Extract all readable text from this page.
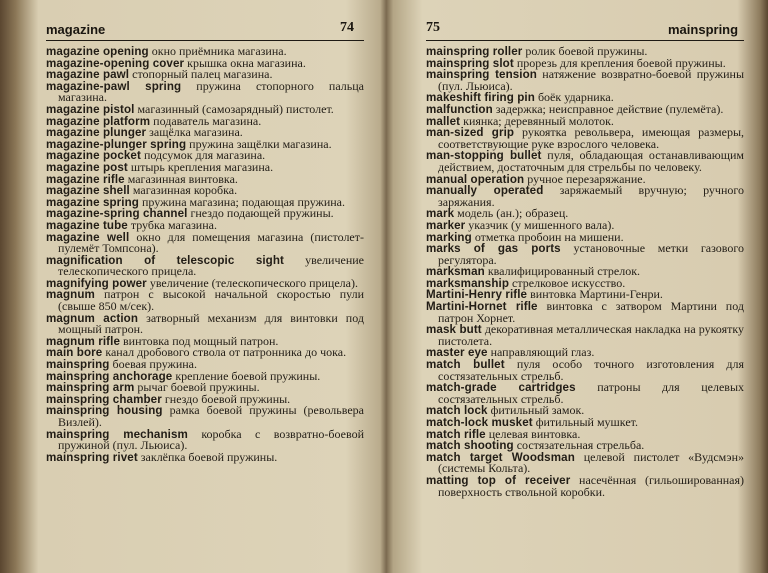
magazine	74
magazine opening окно приёмника магазина.
magazine-opening cover крышка окна магазина.
magazine pawl стопорный палец магазина.
magazine-pawl spring пружина стопорного пальца магазина.
magazine pistol магазинный (самозарядный) пистолет.
magazine platform подаватель магазина.
magazine plunger защёлка магазина.
magazine-plunger spring пружина защёлки магазина.
magazine pocket подсумок для магазина.
magazine post штырь крепления магазина.
magazine rifle магазинная винтовка.
magazine shell магазинная коробка.
magazine spring пружина магазина; подающая пружина.
magazine-spring channel гнездо подающей пружины.
magazine tube трубка магазина.
magazine well окно для помещения магазина (пистолет-пулемёт Томпсона).
magnification of telescopic sight увеличение телескопического прицела.
magnifying power увеличение (телескопического прицела).
magnum патрон с высокой начальной скоростью пули (свыше 850 м/сек).
magnum action затворный механизм для винтовки под мощный патрон.
magnum rifle винтовка под мощный патрон.
main bore канал дробового ствола от патронника до чока.
mainspring боевая пружина.
mainspring anchorage крепление боевой пружины.
mainspring arm рычаг боевой пружины.
mainspring chamber гнездо боевой пружины.
mainspring housing рамка боевой пружины (револьвера Визлей).
mainspring mechanism коробка с возвратно-боевой пружиной (пул. Льюиса).
mainspring rivet заклёпка боевой пружины.
75	mainspring
mainspring roller ролик боевой пружины.
mainspring slot прорезь для крепления боевой пружины.
mainspring tension натяжение возвратно-боевой пружины (пул. Льюиса).
makeshift firing pin боёк ударника.
malfunction задержка; неисправное действие (пулемёта).
mallet киянка; деревянный молоток.
man-sized grip рукоятка револьвера, имеющая размеры, соответствующие руке взрослого человека.
man-stopping bullet пуля, обладающая останавливающим действием, достаточным для стрельбы по человеку.
manual operation ручное перезаряжание.
manually operated заряжаемый вручную; ручного заряжания.
mark модель (ан.); образец.
marker указчик (у мишенного вала).
marking отметка пробоин на мишени.
marks of gas ports установочные метки газового регулятора.
marksman квалифицированный стрелок.
marksmanship стрелковое искусство.
Martini-Henry rifle винтовка Мартини-Генри.
Martini-Hornet rifle винтовка с затвором Мартини под патрон Хорнет.
mask butt декоративная металлическая накладка на рукоятку пистолета.
master eye направляющий глаз.
match bullet пуля особо точного изготовления для состязательных стрельб.
match-grade cartridges патроны для целевых состязательных стрельб.
match lock фитильный замок.
match-lock musket фитильный мушкет.
match rifle целевая винтовка.
match shooting состязательная стрельба.
match target Woodsman целевой пистолет «Вудсмэн» (системы Кольта).
matting top of receiver насечённая (гильошированная) поверхность ствольной коробки.
